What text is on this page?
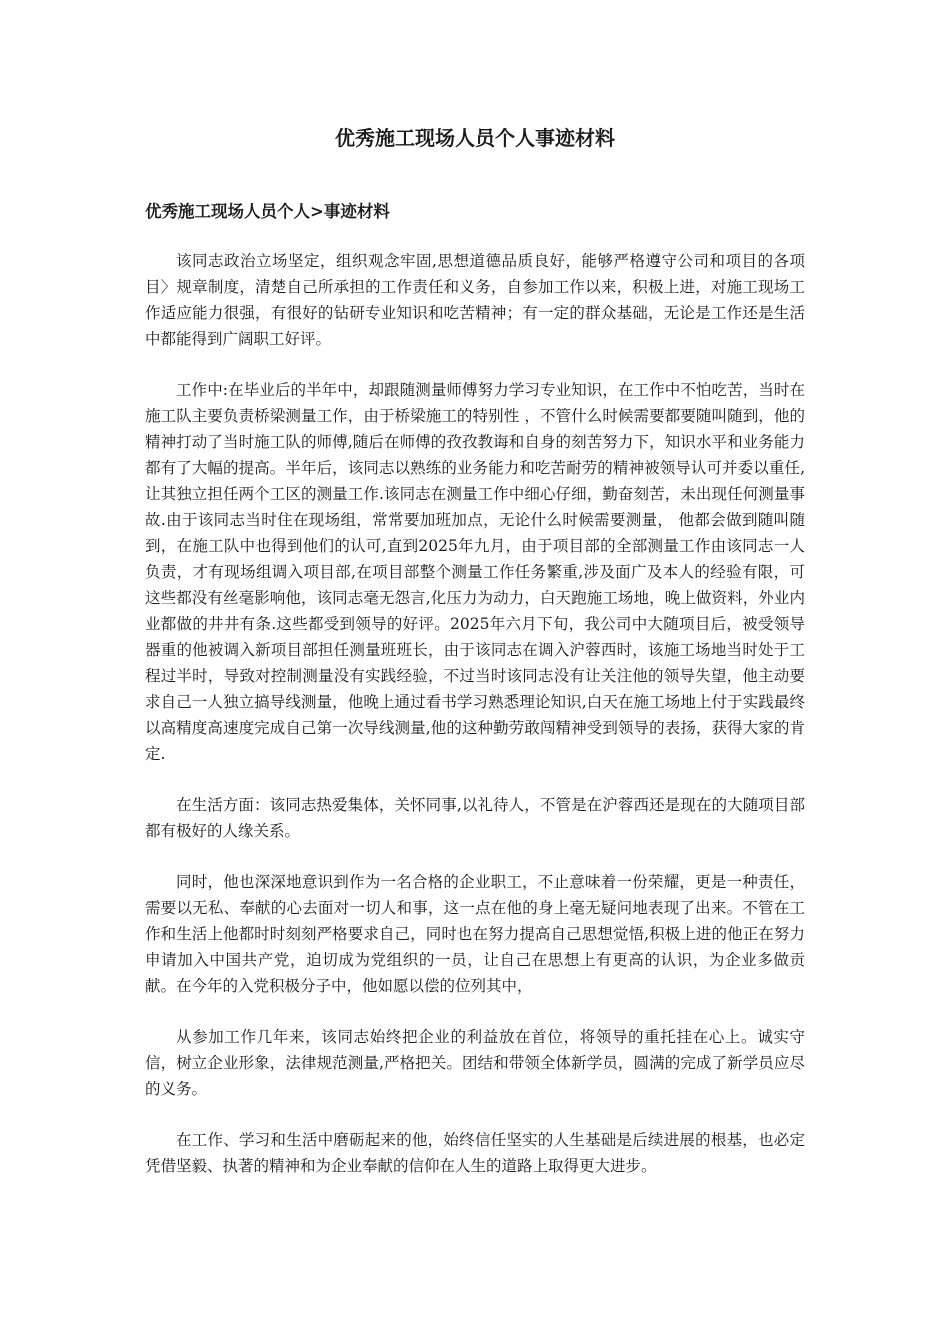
优秀施工现场人员个人事迹材料
优秀施工现场人员个人>事迹材料

该同志政治立场坚定，组织观念牢固,思想道德品质良好，能够严格遵守公司和项目的各项目〉规章制度，清楚自己所承担的工作责任和义务，自参加工作以来，积极上进，对施工现场工作适应能力很强，有很好的钻研专业知识和吃苦精神；有一定的群众基础，无论是工作还是生活中都能得到广阔职工好评。

工作中:在毕业后的半年中，却跟随测量师傅努力学习专业知识，在工作中不怕吃苦，当时在施工队主要负责桥梁测量工作，由于桥梁施工的特别性 ，不管什么时候需要都要随叫随到，他的精神打动了当时施工队的师傅,随后在师傅的孜孜教诲和自身的刻苦努力下，知识水平和业务能力都有了大幅的提高。半年后，该同志以熟练的业务能力和吃苦耐劳的精神被领导认可并委以重任,让其独立担任两个工区的测量工作.该同志在测量工作中细心仔细，勤奋刻苦，未出现任何测量事故.由于该同志当时住在现场组，常常要加班加点，无论什么时候需要测量， 他都会做到随叫随到，在施工队中也得到他们的认可,直到2025年九月，由于项目部的全部测量工作由该同志一人负责，才有现场组调入项目部,在项目部整个测量工作任务繁重,涉及面广及本人的经验有限，可这些都没有丝毫影响他，该同志毫无怨言,化压力为动力，白天跑施工场地，晚上做资料，外业内业都做的井井有条.这些都受到领导的好评。2025年六月下旬，我公司中大随项目后，被受领导器重的他被调入新项目部担任测量班班长，由于该同志在调入沪蓉西时，该施工场地当时处于工程过半时，导致对控制测量没有实践经验，不过当时该同志没有让关注他的领导失望，他主动要求自己一人独立搞导线测量，他晚上通过看书学习熟悉理论知识,白天在施工场地上付于实践最终以高精度高速度完成自己第一次导线测量,他的这种勤劳敢闯精神受到领导的表扬，获得大家的肯定.

在生活方面：该同志热爱集体，关怀同事,以礼待人，不管是在沪蓉西还是现在的大随项目部都有极好的人缘关系。

同时，他也深深地意识到作为一名合格的企业职工，不止意味着一份荣耀，更是一种责任，需要以无私、奉献的心去面对一切人和事，这一点在他的身上毫无疑问地表现了出来。不管在工作和生活上他都时时刻刻严格要求自己，同时也在努力提高自己思想觉悟,积极上进的他正在努力申请加入中国共产党，迫切成为党组织的一员，让自己在思想上有更高的认识，为企业多做贡献。在今年的入党积极分子中，他如愿以偿的位列其中，

从参加工作几年来，该同志始终把企业的利益放在首位，将领导的重托挂在心上。诚实守信，树立企业形象，法律规范测量,严格把关。团结和带领全体新学员，圆满的完成了新学员应尽的义务。

在工作、学习和生活中磨砺起来的他，始终信任坚实的人生基础是后续进展的根基，也必定凭借坚毅、执著的精神和为企业奉献的信仰在人生的道路上取得更大进步。
